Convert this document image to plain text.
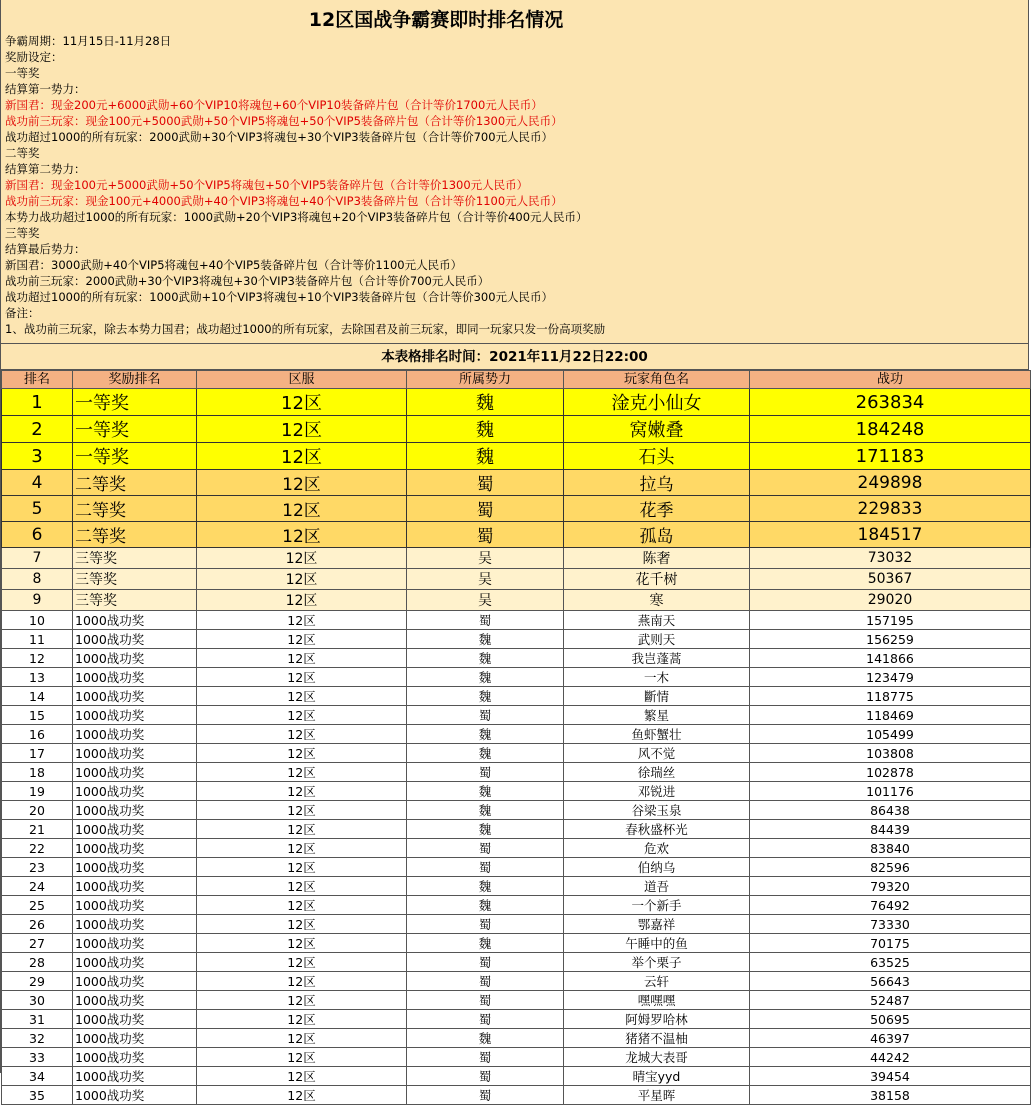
12区国战争霸赛即时排名情况
争霸周期：11月15日-11月28日
奖励设定：
一等奖
结算第一势力：
新国君：现金200元+6000武勋+60个VIP10将魂包+60个VIP10装备碎片包（合计等价1700元人民币）
战功前三玩家：现金100元+5000武勋+50个VIP5将魂包+50个VIP5装备碎片包（合计等价1300元人民币）
战功超过1000的所有玩家：2000武勋+30个VIP3将魂包+30个VIP3装备碎片包（合计等价700元人民币）
二等奖
结算第二势力：
新国君：现金100元+5000武勋+50个VIP5将魂包+50个VIP5装备碎片包（合计等价1300元人民币）
战功前三玩家：现金100元+4000武勋+40个VIP3将魂包+40个VIP3装备碎片包（合计等价1100元人民币）
本势力战功超过1000的所有玩家：1000武勋+20个VIP3将魂包+20个VIP3装备碎片包（合计等价400元人民币）
三等奖
结算最后势力：
新国君：3000武勋+40个VIP5将魂包+40个VIP5装备碎片包（合计等价1100元人民币）
战功前三玩家：2000武勋+30个VIP3将魂包+30个VIP3装备碎片包（合计等价700元人民币）
战功超过1000的所有玩家：1000武勋+10个VIP3将魂包+10个VIP3装备碎片包（合计等价300元人民币）
备注：
1、战功前三玩家，除去本势力国君；战功超过1000的所有玩家，去除国君及前三玩家，即同一玩家只发一份高项奖励
本表格排名时间：2021年11月22日22:00
排名	奖励排名	区服	所属势力	玩家角色名	战功
1	一等奖	12区	魏	淦克小仙女	263834
2	一等奖	12区	魏	窝嫩叠	184248
3	一等奖	12区	魏	石头	171183
4	二等奖	12区	蜀	拉乌	249898
5	二等奖	12区	蜀	花季	229833
6	二等奖	12区	蜀	孤岛	184517
7	三等奖	12区	吴	陈奢	73032
8	三等奖	12区	吴	花千树	50367
9	三等奖	12区	吴	寒	29020
10	1000战功奖	12区	蜀	燕南天	157195
11	1000战功奖	12区	魏	武则天	156259
12	1000战功奖	12区	魏	我岂蓬蒿	141866
13	1000战功奖	12区	魏	一木	123479
14	1000战功奖	12区	魏	斷情	118775
15	1000战功奖	12区	蜀	繁星	118469
16	1000战功奖	12区	魏	鱼虾蟹壮	105499
17	1000战功奖	12区	魏	风不觉	103808
18	1000战功奖	12区	蜀	徐瑞丝	102878
19	1000战功奖	12区	魏	邓锐进	101176
20	1000战功奖	12区	魏	谷梁玉泉	86438
21	1000战功奖	12区	魏	春秋盛杯光	84439
22	1000战功奖	12区	蜀	危欢	83840
23	1000战功奖	12区	蜀	伯纳乌	82596
24	1000战功奖	12区	魏	道吾	79320
25	1000战功奖	12区	魏	一个新手	76492
26	1000战功奖	12区	蜀	鄂嘉祥	73330
27	1000战功奖	12区	魏	午睡中的鱼	70175
28	1000战功奖	12区	蜀	举个栗子	63525
29	1000战功奖	12区	蜀	云轩	56643
30	1000战功奖	12区	蜀	嘿嘿嘿	52487
31	1000战功奖	12区	蜀	阿姆罗哈林	50695
32	1000战功奖	12区	魏	猪猪不温柚	46397
33	1000战功奖	12区	蜀	龙城大表哥	44242
34	1000战功奖	12区	蜀	晴宝yyd	39454
35	1000战功奖	12区	蜀	平星晖	38158
